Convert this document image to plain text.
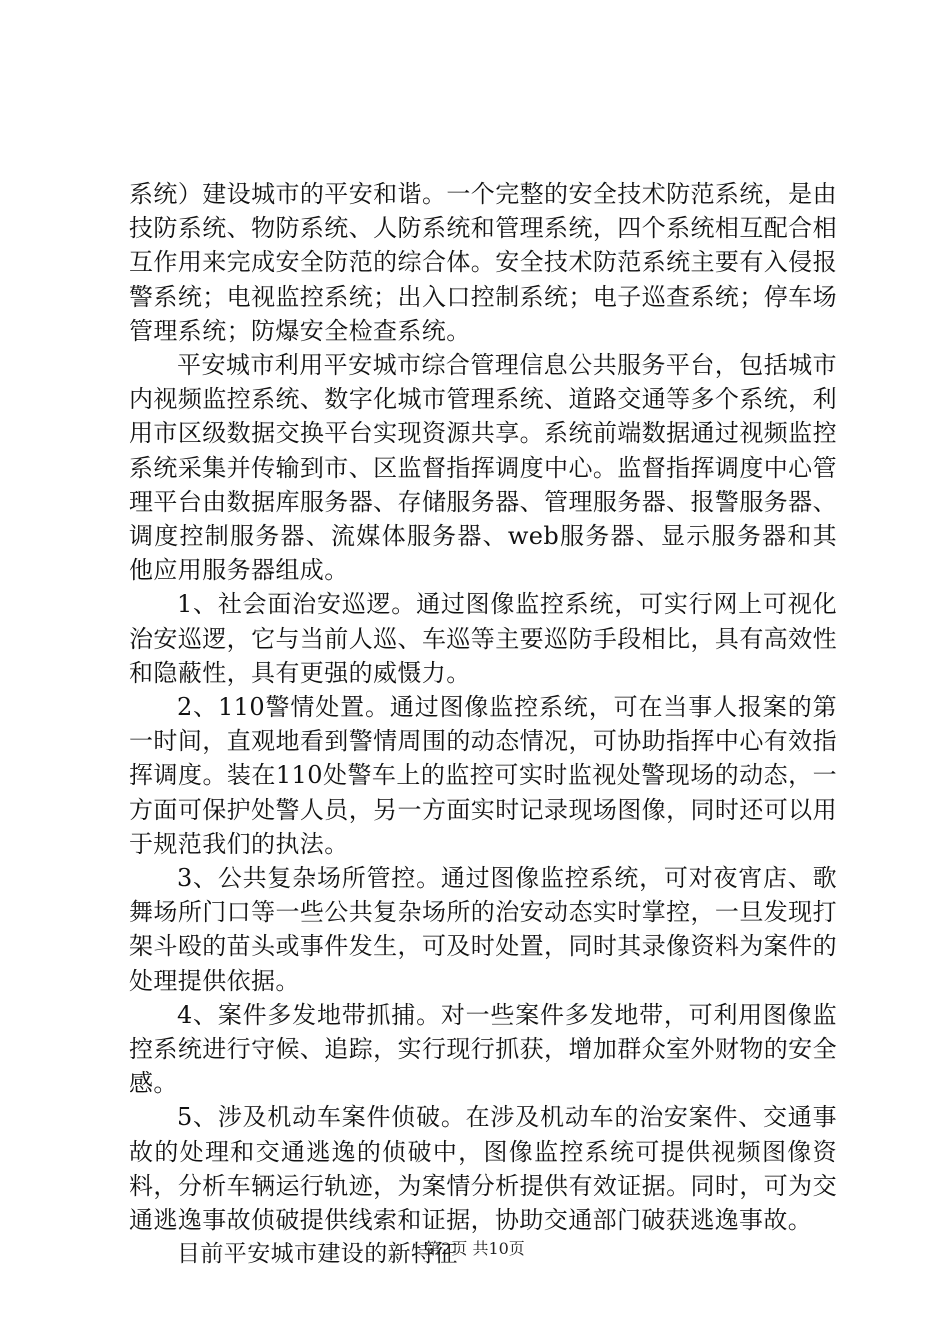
系统）建设城市的平安和谐。一个完整的安全技术防范系统，是由技防系统、物防系统、人防系统和管理系统，四个系统相互配合相互作用来完成安全防范的综合体。安全技术防范系统主要有入侵报警系统；电视监控系统；出入口控制系统；电子巡查系统；停车场管理系统；防爆安全检查系统。

平安城市利用平安城市综合管理信息公共服务平台，包括城市内视频监控系统、数字化城市管理系统、道路交通等多个系统，利用市区级数据交换平台实现资源共享。系统前端数据通过视频监控系统采集并传输到市、区监督指挥调度中心。监督指挥调度中心管理平台由数据库服务器、存储服务器、管理服务器、报警服务器、调度控制服务器、流媒体服务器、web服务器、显示服务器和其他应用服务器组成。

1、社会面治安巡逻。通过图像监控系统，可实行网上可视化治安巡逻，它与当前人巡、车巡等主要巡防手段相比，具有高效性和隐蔽性，具有更强的威慑力。

2、110警情处置。通过图像监控系统，可在当事人报案的第一时间，直观地看到警情周围的动态情况，可协助指挥中心有效指挥调度。装在110处警车上的监控可实时监视处警现场的动态，一方面可保护处警人员，另一方面实时记录现场图像，同时还可以用于规范我们的执法。

3、公共复杂场所管控。通过图像监控系统，可对夜宵店、歌舞场所门口等一些公共复杂场所的治安动态实时掌控，一旦发现打架斗殴的苗头或事件发生，可及时处置，同时其录像资料为案件的处理提供依据。

4、案件多发地带抓捕。对一些案件多发地带，可利用图像监控系统进行守候、追踪，实行现行抓获，增加群众室外财物的安全感。

5、涉及机动车案件侦破。在涉及机动车的治安案件、交通事故的处理和交通逃逸的侦破中，图像监控系统可提供视频图像资料，分析车辆运行轨迹，为案情分析提供有效证据。同时，可为交通逃逸事故侦破提供线索和证据，协助交通部门破获逃逸事故。

目前平安城市建设的新特征

第2页 共10页
